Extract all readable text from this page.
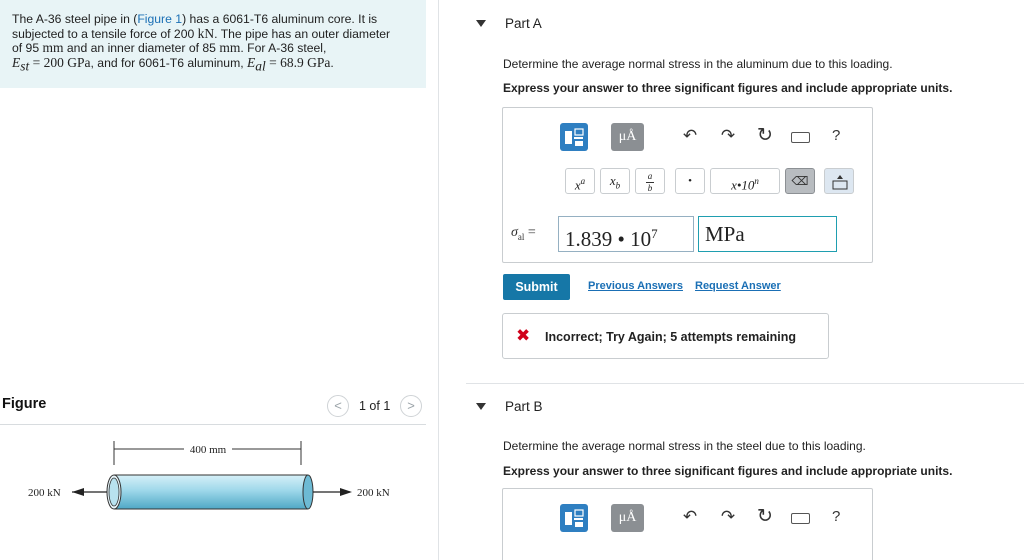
The A-36 steel pipe in (Figure 1) has a 6061-T6 aluminum core. It is
subjected to a tensile force of 200 kN. The pipe has an outer diameter
of 95 mm and an inner diameter of 85 mm. For A-36 steel,
$E_{st} = 200$ GPa, and for 6061-T6 aluminum, $E_{al} = 68.9$ GPa.
Figure	<	1 of 1	>
400 mm
200 kN	200 kN
Part A
Determine the average normal stress in the aluminum due to this loading.
Express your answer to three significant figures and include appropriate units.
μÅ	↶ ↷ ↻	?
$x^a$	$x_b$
a
b
•	x•10$^n$	⌫
$\sigma_{al}$ =	1.839 • $10^7$	MPa
Submit	Previous Answers Request Answer
✖ Incorrect; Try Again; 5 attempts remaining
Part B
Determine the average normal stress in the steel due to this loading.
Express your answer to three significant figures and include appropriate units.
μÅ	↶ ↷ ↻	?
